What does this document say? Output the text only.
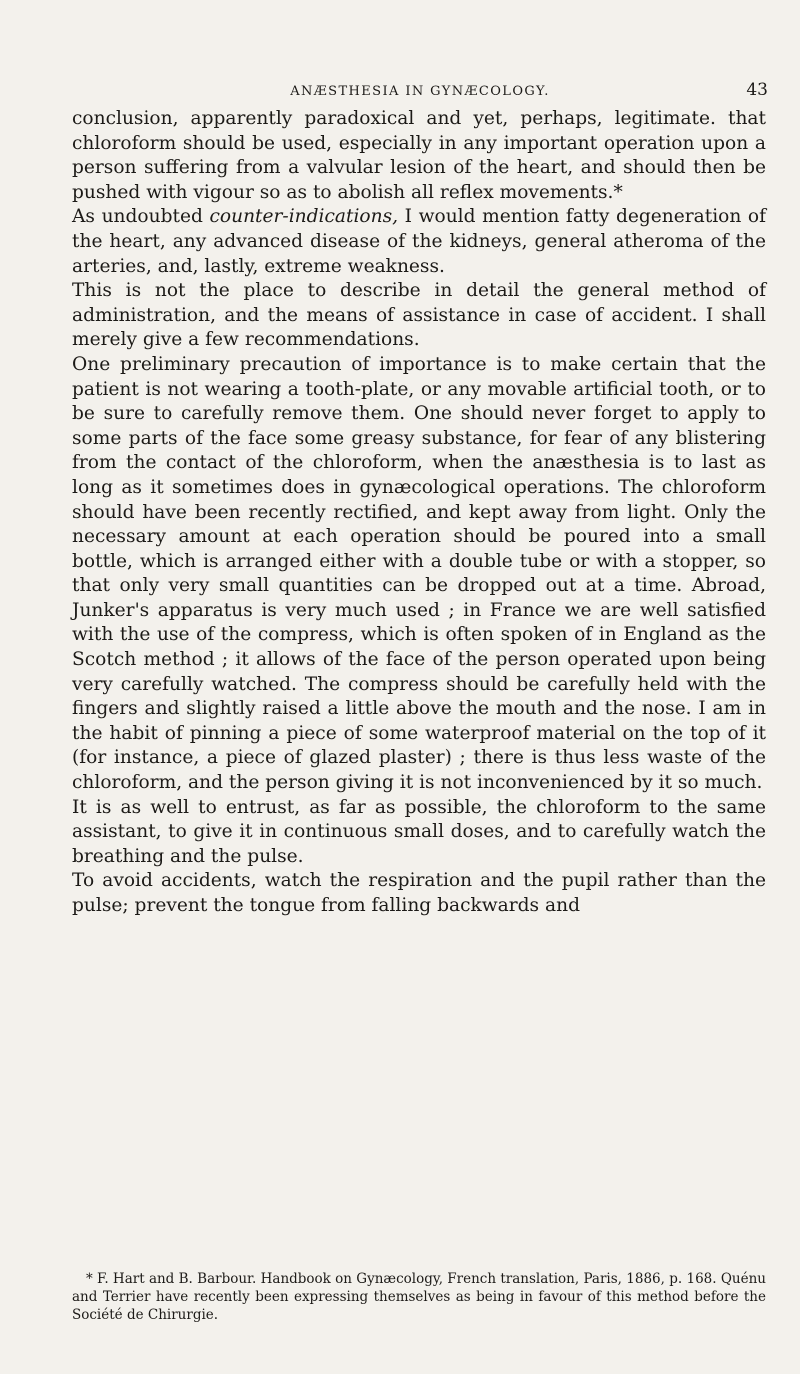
ANÆSTHESIA IN GYNÆCOLOGY.	43

conclusion, apparently paradoxical and yet, perhaps, legitimate. that chloroform should be used, especially in any important operation upon a person suffering from a valvular lesion of the heart, and should then be pushed with vigour so as to abolish all reflex movements.*

As undoubted counter-indications, I would mention fatty degeneration of the heart, any advanced disease of the kidneys, general atheroma of the arteries, and, lastly, extreme weakness.

This is not the place to describe in detail the general method of administration, and the means of assistance in case of accident. I shall merely give a few recommendations.

One preliminary precaution of importance is to make certain that the patient is not wearing a tooth-plate, or any movable artificial tooth, or to be sure to carefully remove them. One should never forget to apply to some parts of the face some greasy substance, for fear of any blistering from the contact of the chloroform, when the anæsthesia is to last as long as it sometimes does in gynæcological operations. The chloroform should have been recently rectified, and kept away from light. Only the necessary amount at each operation should be poured into a small bottle, which is arranged either with a double tube or with a stopper, so that only very small quantities can be dropped out at a time. Abroad, Junker's apparatus is very much used ; in France we are well satisfied with the use of the compress, which is often spoken of in England as the Scotch method ; it allows of the face of the person operated upon being very carefully watched. The compress should be carefully held with the fingers and slightly raised a little above the mouth and the nose. I am in the habit of pinning a piece of some waterproof material on the top of it (for instance, a piece of glazed plaster) ; there is thus less waste of the chloroform, and the person giving it is not inconvenienced by it so much.

It is as well to entrust, as far as possible, the chloroform to the same assistant, to give it in continuous small doses, and to carefully watch the breathing and the pulse.

To avoid accidents, watch the respiration and the pupil rather than the pulse; prevent the tongue from falling backwards and

* F. Hart and B. Barbour. Handbook on Gynæcology, French translation, Paris, 1886, p. 168. Quénu and Terrier have recently been expressing themselves as being in favour of this method before the Société de Chirurgie.
